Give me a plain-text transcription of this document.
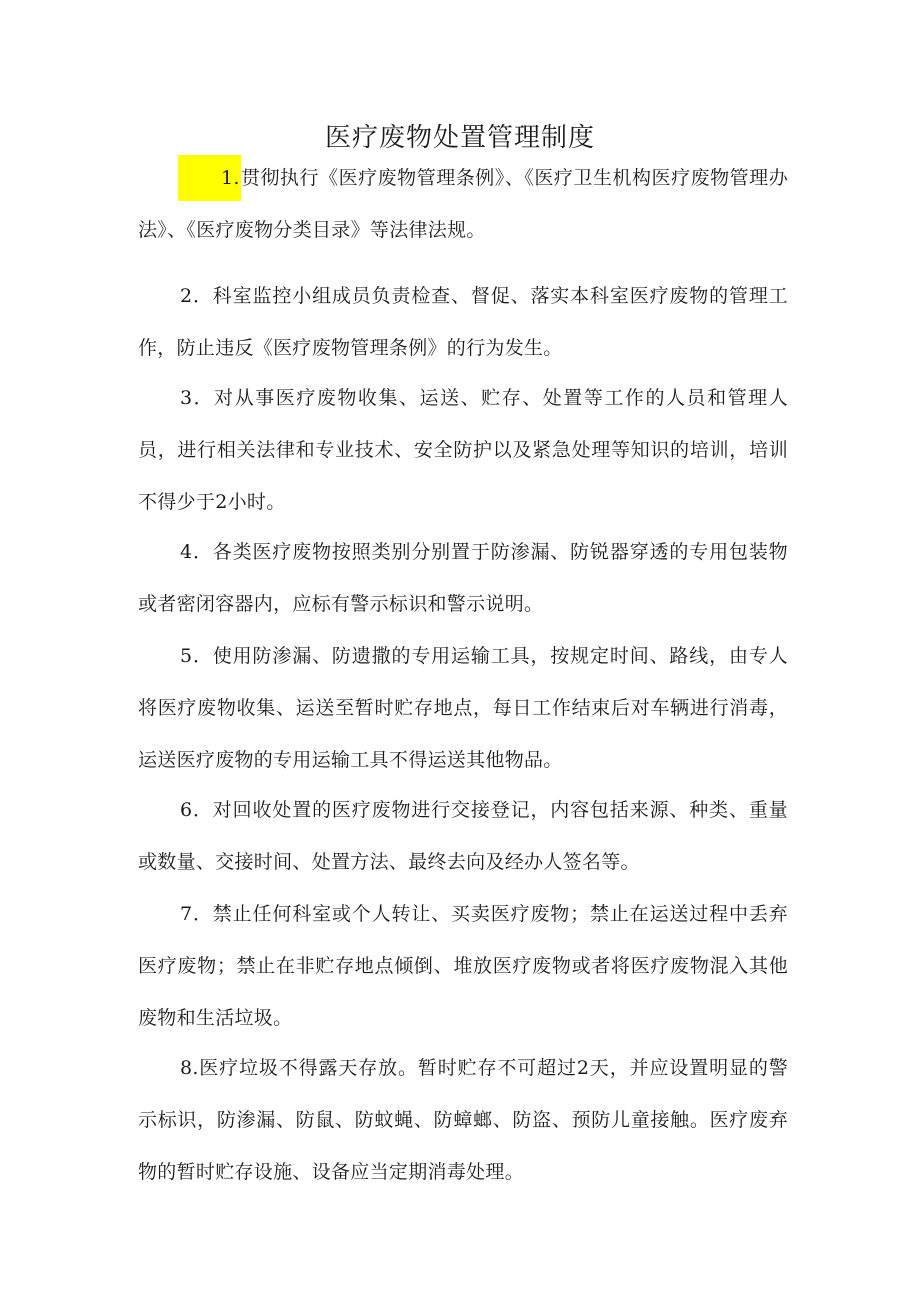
医疗废物处置管理制度

1.贯彻执行《医疗废物管理条例》、《医疗卫生机构医疗废物管理办法》、《医疗废物分类目录》等法律法规。

2．科室监控小组成员负责检查、督促、落实本科室医疗废物的管理工作，防止违反《医疗废物管理条例》的行为发生。

3．对从事医疗废物收集、运送、贮存、处置等工作的人员和管理人员，进行相关法律和专业技术、安全防护以及紧急处理等知识的培训，培训不得少于2小时。

4．各类医疗废物按照类别分别置于防渗漏、防锐器穿透的专用包装物或者密闭容器内，应标有警示标识和警示说明。

5．使用防渗漏、防遗撒的专用运输工具，按规定时间、路线，由专人将医疗废物收集、运送至暂时贮存地点，每日工作结束后对车辆进行消毒，运送医疗废物的专用运输工具不得运送其他物品。

6．对回收处置的医疗废物进行交接登记，内容包括来源、种类、重量或数量、交接时间、处置方法、最终去向及经办人签名等。

7．禁止任何科室或个人转让、买卖医疗废物；禁止在运送过程中丢弃医疗废物；禁止在非贮存地点倾倒、堆放医疗废物或者将医疗废物混入其他废物和生活垃圾。

8.医疗垃圾不得露天存放。暂时贮存不可超过2天，并应设置明显的警示标识，防渗漏、防鼠、防蚊蝇、防蟑螂、防盗、预防儿童接触。医疗废弃物的暂时贮存设施、设备应当定期消毒处理。
